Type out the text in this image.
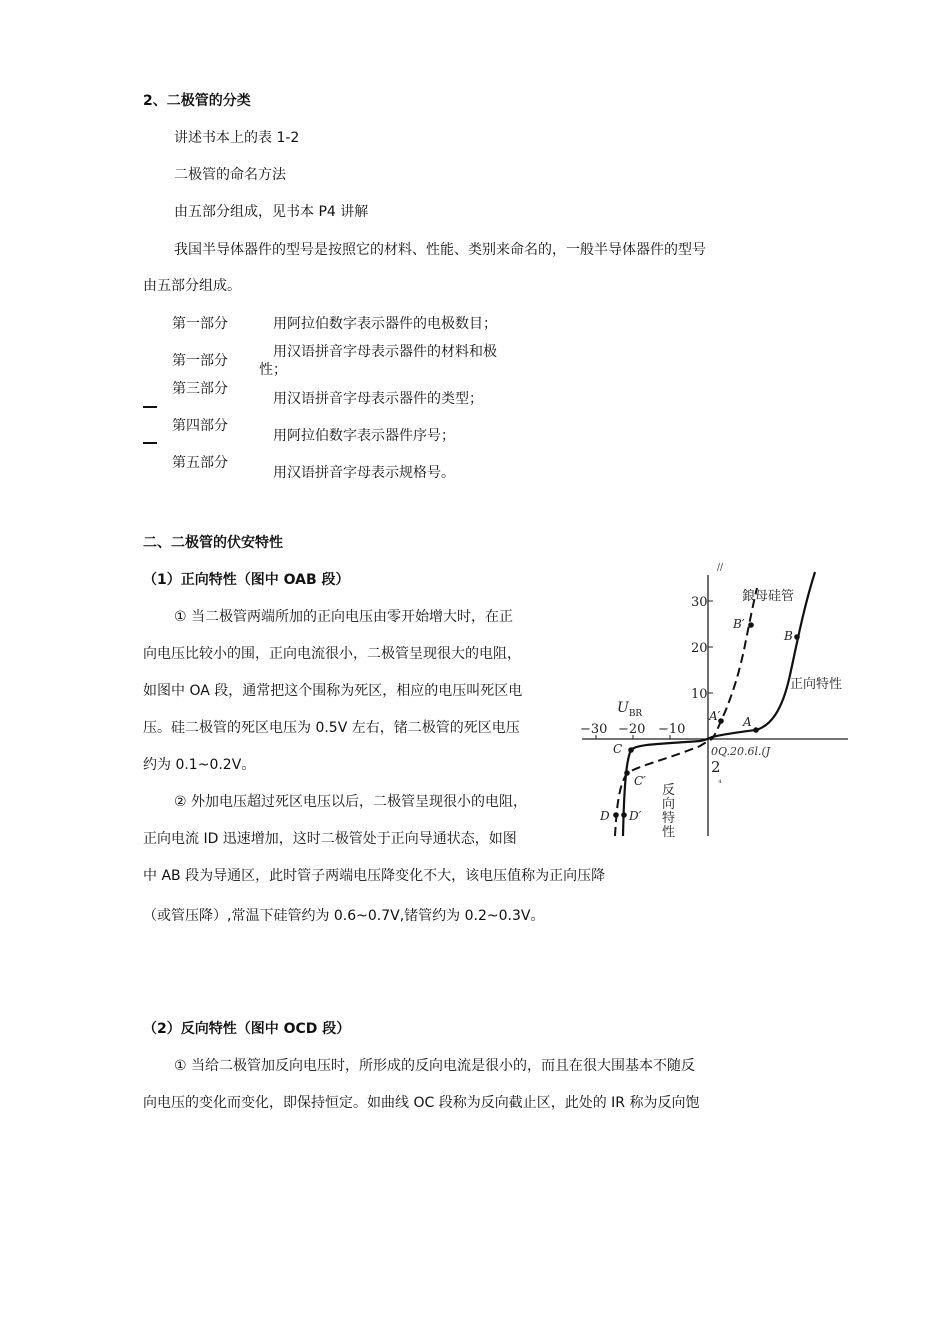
2、二极管的分类
讲述书本上的表 1-2
二极管的命名方法
由五部分组成，见书本 P4 讲解
我国半导体器件的型号是按照它的材料、性能、类别来命名的，一般半导体器件的型号
由五部分组成。
第一部分	用阿拉伯数字表示器件的电极数目；
第一部分
用汉语拼音字母表示器件的材料和极
性；
第三部分
用汉语拼音字母表示器件的类型；
第四部分
用阿拉伯数字表示器件序号；
第五部分
用汉语拼音字母表示规格号。
二、二极管的伏安特性
（1）正向特性（图中 OAB 段）
① 当二极管两端所加的正向电压由零开始增大时，在正
向电压比较小的围，正向电流很小，二极管呈现很大的电阻，
如图中 OA 段，通常把这个围称为死区，相应的电压叫死区电
压。硅二极管的死区电压为 0.5V 左右，锗二极管的死区电压
约为 0.1~0.2V。
② 外加电压超过死区电压以后，二极管呈现很小的电阻，
正向电流 ID 迅速增加，这时二极管处于正向导通状态，如图
中 AB 段为导通区，此时管子两端电压降变化不大，该电压值称为正向压降
（或管压降）,常温下硅管约为 0.6~0.7V,锗管约为 0.2~0.3V。
（2）反向特性（图中 OCD 段）
① 当给二极管加反向电压时，所形成的反向电流是很小的，而且在很大围基本不随反
向电压的变化而变化，即保持恒定。如曲线 OC 段称为反向截止区，此处的 IR 称为反向饱
//
30
20
10
−30 −20 −10
$U_{BR}$
A
A′
B
B′
C
C′
D D′
鋃母硅管
正向特性
反
向
特
性
0Q.20.6l.(J
2
⁴
